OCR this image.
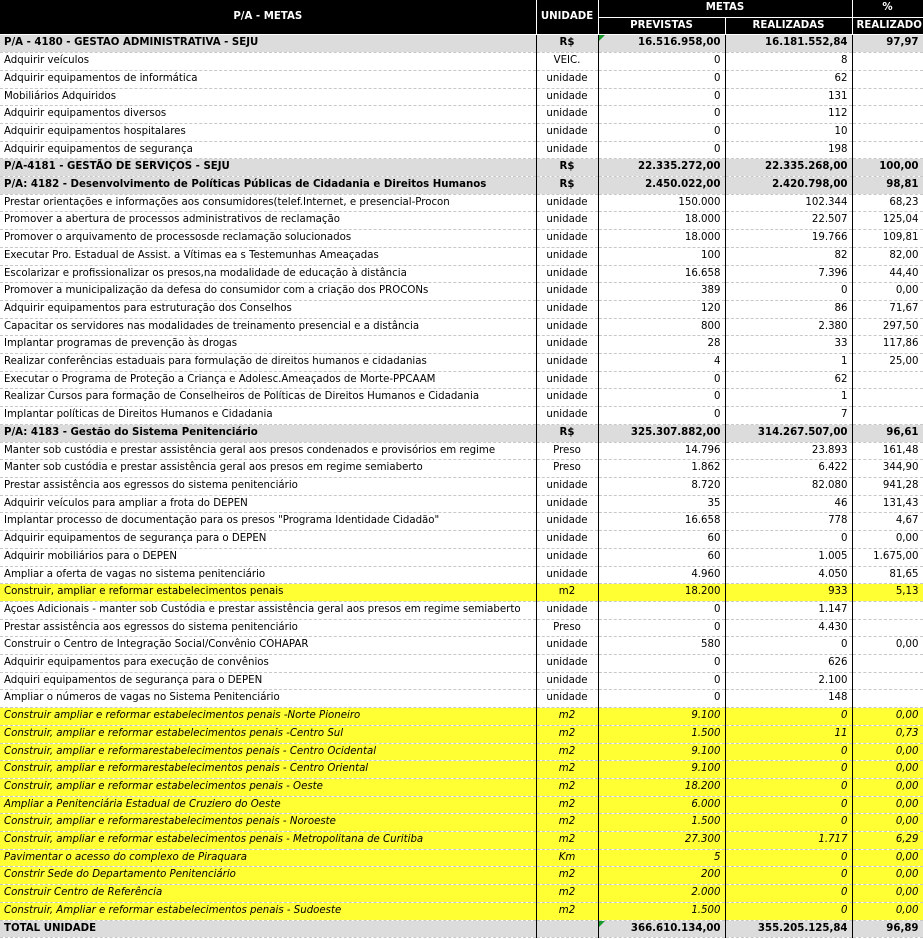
P/A - METAS	UNIDADE	METAS		%
		PREVISTAS	REALIZADAS	REALIZADO
P/A - 4180 - GESTAO ADMINISTRATIVA - SEJU	R$	16.516.958,00	16.181.552,84	97,97
Adquirir veículos	VEIC.	0	8	
Adquirir equipamentos de informática	unidade	0	62	
Mobiliários Adquiridos	unidade	0	131	
Adquirir equipamentos diversos	unidade	0	112	
Adquirir equipamentos hospitalares	unidade	0	10	
Adquirir equipamentos de segurança	unidade	0	198	
P/A-4181 - GESTÃO DE SERVIÇOS - SEJU	R$	22.335.272,00	22.335.268,00	100,00
P/A: 4182 - Desenvolvimento de Políticas Públicas de Cidadania e Direitos Humanos	R$	2.450.022,00	2.420.798,00	98,81
Prestar orientações e informações aos consumidores(telef.Internet, e presencial-Procon	unidade	150.000	102.344	68,23
Promover a abertura de processos administrativos de reclamação	unidade	18.000	22.507	125,04
Promover o arquivamento de processosde reclamação solucionados	unidade	18.000	19.766	109,81
Executar Pro. Estadual de Assist. a Vítimas ea s Testemunhas Ameaçadas	unidade	100	82	82,00
Escolarizar e profissionalizar os presos,na modalidade de educação à distância	unidade	16.658	7.396	44,40
Promover a municipalização da defesa do consumidor com a criação dos PROCONs	unidade	389	0	0,00
Adquirir equipamentos para estruturação dos Conselhos	unidade	120	86	71,67
Capacitar os servidores nas modalidades de treinamento presencial e a distância	unidade	800	2.380	297,50
Implantar programas de prevenção às drogas	unidade	28	33	117,86
Realizar conferências estaduais para formulação de direitos humanos e cidadanias	unidade	4	1	25,00
Executar o Programa de Proteção a Criança e Adolesc.Ameaçados de Morte-PPCAAM	unidade	0	62	
Realizar Cursos para formação de Conselheiros de Políticas de Direitos Humanos e Cidadania	unidade	0	1	
Implantar políticas de Direitos Humanos e Cidadania	unidade	0	7	
P/A: 4183 - Gestão do Sistema Penitenciário	R$	325.307.882,00	314.267.507,00	96,61
Manter sob custódia e prestar assistência geral aos presos condenados e provisórios em regime	Preso	14.796	23.893	161,48
Manter sob custódia e prestar assistência geral aos presos em regime semiaberto	Preso	1.862	6.422	344,90
Prestar assistência aos egressos do sistema penitenciário	unidade	8.720	82.080	941,28
Adquirir veículos para ampliar a frota do DEPEN	unidade	35	46	131,43
Implantar processo de documentação para os presos "Programa Identidade Cidadão"	unidade	16.658	778	4,67
Adquirir equipamentos de segurança para o DEPEN	unidade	60	0	0,00
Adquirir mobiliários para o DEPEN	unidade	60	1.005	1.675,00
Ampliar a oferta de vagas no sistema penitenciário	unidade	4.960	4.050	81,65
Construir, ampliar e reformar estabelecimentos penais	m2	18.200	933	5,13
Açoes Adicionais - manter sob Custódia e prestar assistência geral aos presos em regime semiaberto	unidade	0	1.147	
Prestar assistência aos egressos do sistema penitenciário	Preso	0	4.430	
Construir o Centro de Integração Social/Convênio COHAPAR	unidade	580	0	0,00
Adquirir equipamentos para execução de convênios	unidade	0	626	
Adquiri equipamentos de segurança para o DEPEN	unidade	0	2.100	
Ampliar o números de vagas no Sistema Penitenciário	unidade	0	148	
Construir ampliar e reformar estabelecimentos penais -Norte Pioneiro	m2	9.100	0	0,00
Construir, ampliar e reformar estabelecimentos penais -Centro Sul	m2	1.500	11	0,73
Construir, ampliar e reformarestabelecimentos penais - Centro Ocidental	m2	9.100	0	0,00
Construir, ampliar e reformarestabelecimentos penais - Centro Oriental	m2	9.100	0	0,00
Construir, ampliar e reformar estabelecimentos penais - Oeste	m2	18.200	0	0,00
Ampliar a Penitenciária Estadual de Cruziero do Oeste	m2	6.000	0	0,00
Construir, ampliar e reformarestabelecimentos penais - Noroeste	m2	1.500	0	0,00
Construir, ampliar e reformar estabelecimentos penais - Metropolitana de Curitiba	m2	27.300	1.717	6,29
Pavimentar o acesso do complexo de Piraquara	Km	5	0	0,00
Constrir Sede do Departamento Penitenciário	m2	200	0	0,00
Construir Centro de Referência	m2	2.000	0	0,00
Construir, Ampliar e reformar estabelecimentos penais - Sudoeste	m2	1.500	0	0,00
TOTAL UNIDADE		366.610.134,00	355.205.125,84	96,89
